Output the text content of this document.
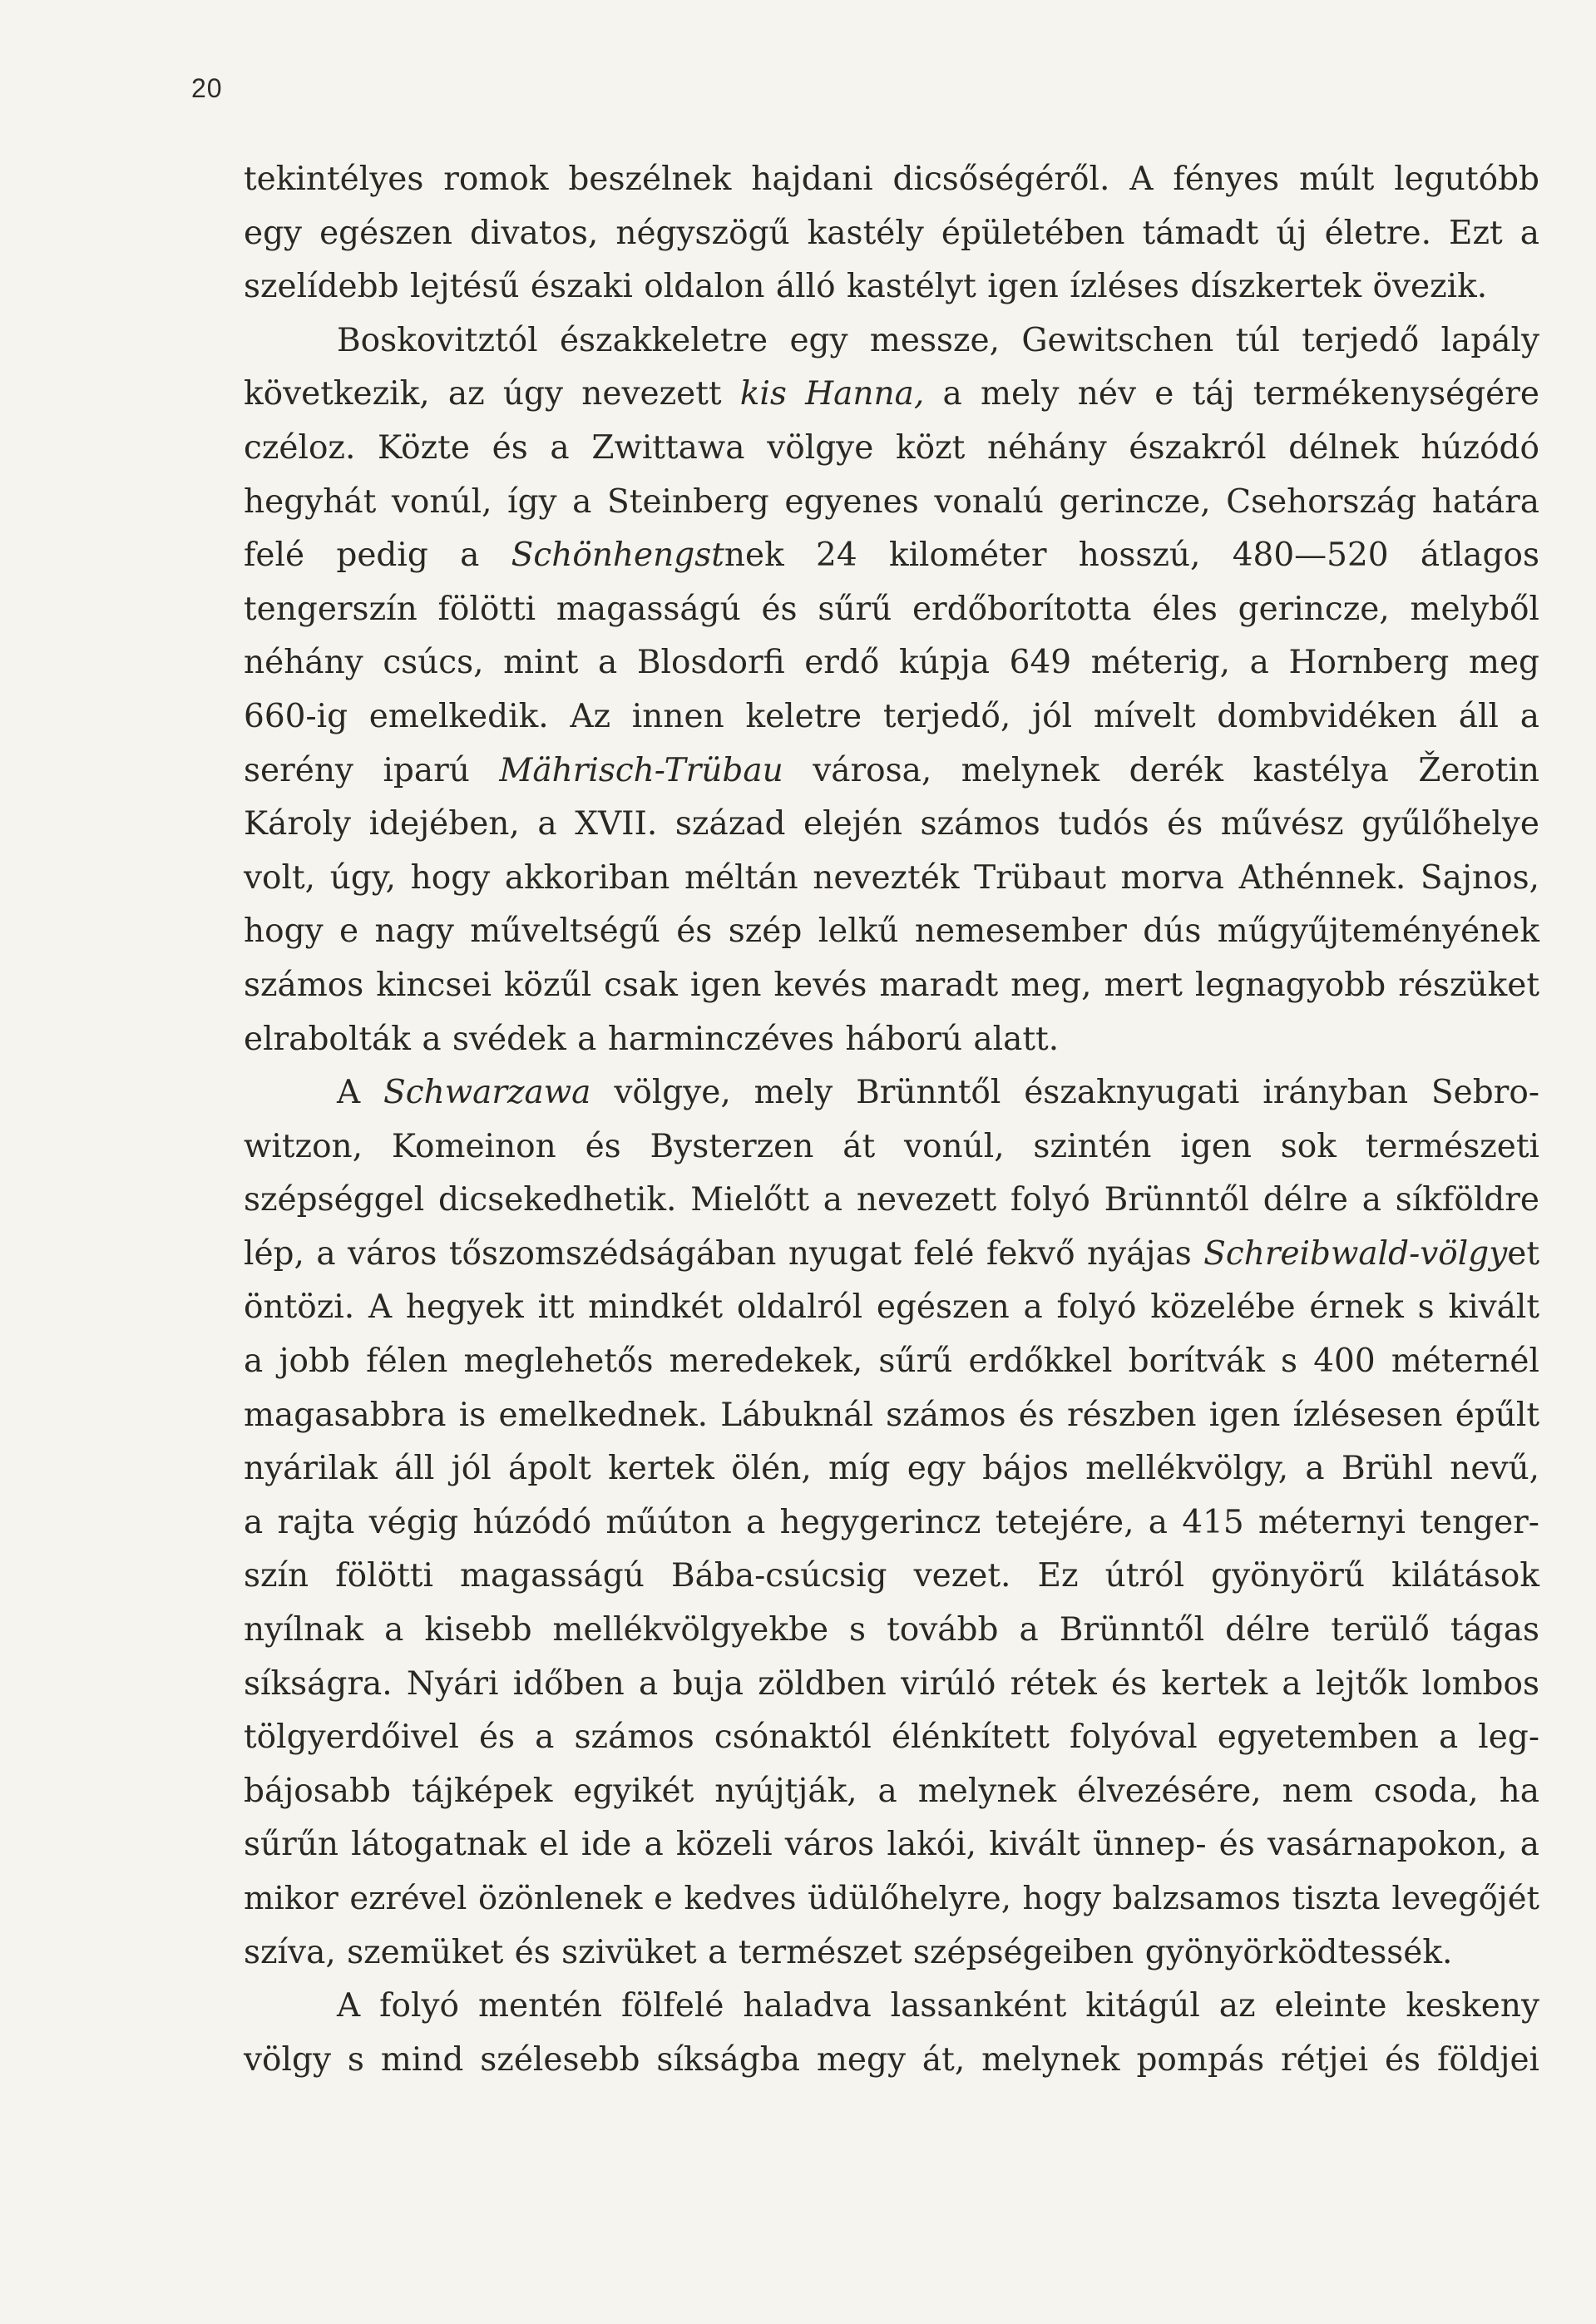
20
tekintélyes romok beszélnek hajdani dicsőségéről. A fényes múlt legutóbb
egy egészen divatos, négyszögű kastély épületében támadt új életre. Ezt a
szelídebb lejtésű északi oldalon álló kastélyt igen ízléses díszkertek övezik.
Boskovitztól északkeletre egy messze, Gewitschen túl terjedő lapály
következik, az úgy nevezett kis Hanna, a mely név e táj termékenységére
czéloz. Közte és a Zwittawa völgye közt néhány északról délnek húzódó
hegyhát vonúl, így a Steinberg egyenes vonalú gerincze, Csehország határa
felé pedig a Schönhengstnek 24 kilométer hosszú, 480—520 átlagos
tengerszín fölötti magasságú és sűrű erdőborította éles gerincze, melyből
néhány csúcs, mint a Blosdorfi erdő kúpja 649 méterig, a Hornberg meg
660-ig emelkedik. Az innen keletre terjedő, jól mívelt dombvidéken áll a
serény iparú Mährisch-Trübau városa, melynek derék kastélya Žerotin
Károly idejében, a XVII. század elején számos tudós és művész gyűlőhelye
volt, úgy, hogy akkoriban méltán nevezték Trübaut morva Athénnek. Sajnos,
hogy e nagy műveltségű és szép lelkű nemesember dús műgyűjteményének
számos kincsei közűl csak igen kevés maradt meg, mert legnagyobb részüket
elrabolták a svédek a harminczéves háború alatt.
A Schwarzawa völgye, mely Brünntől északnyugati irányban Sebro-
witzon, Komeinon és Bysterzen át vonúl, szintén igen sok természeti
szépséggel dicsekedhetik. Mielőtt a nevezett folyó Brünntől délre a síkföldre
lép, a város tőszomszédságában nyugat felé fekvő nyájas Schreibwald-völgyet
öntözi. A hegyek itt mindkét oldalról egészen a folyó közelébe érnek s kivált
a jobb félen meglehetős meredekek, sűrű erdőkkel borítvák s 400 méternél
magasabbra is emelkednek. Lábuknál számos és részben igen ízlésesen épűlt
nyárilak áll jól ápolt kertek ölén, míg egy bájos mellékvölgy, a Brühl nevű,
a rajta végig húzódó műúton a hegygerincz tetejére, a 415 méternyi tenger-
szín fölötti magasságú Bába-csúcsig vezet. Ez útról gyönyörű kilátások
nyílnak a kisebb mellékvölgyekbe s tovább a Brünntől délre terülő tágas
síkságra. Nyári időben a buja zöldben virúló rétek és kertek a lejtők lombos
tölgyerdőivel és a számos csónaktól élénkített folyóval egyetemben a leg-
bájosabb tájképek egyikét nyújtják, a melynek élvezésére, nem csoda, ha
sűrűn látogatnak el ide a közeli város lakói, kivált ünnep- és vasárnapokon, a
mikor ezrével özönlenek e kedves üdülőhelyre, hogy balzsamos tiszta levegőjét
szíva, szemüket és szivüket a természet szépségeiben gyönyörködtessék.
A folyó mentén fölfelé haladva lassanként kitágúl az eleinte keskeny
völgy s mind szélesebb síkságba megy át, melynek pompás rétjei és földjei
